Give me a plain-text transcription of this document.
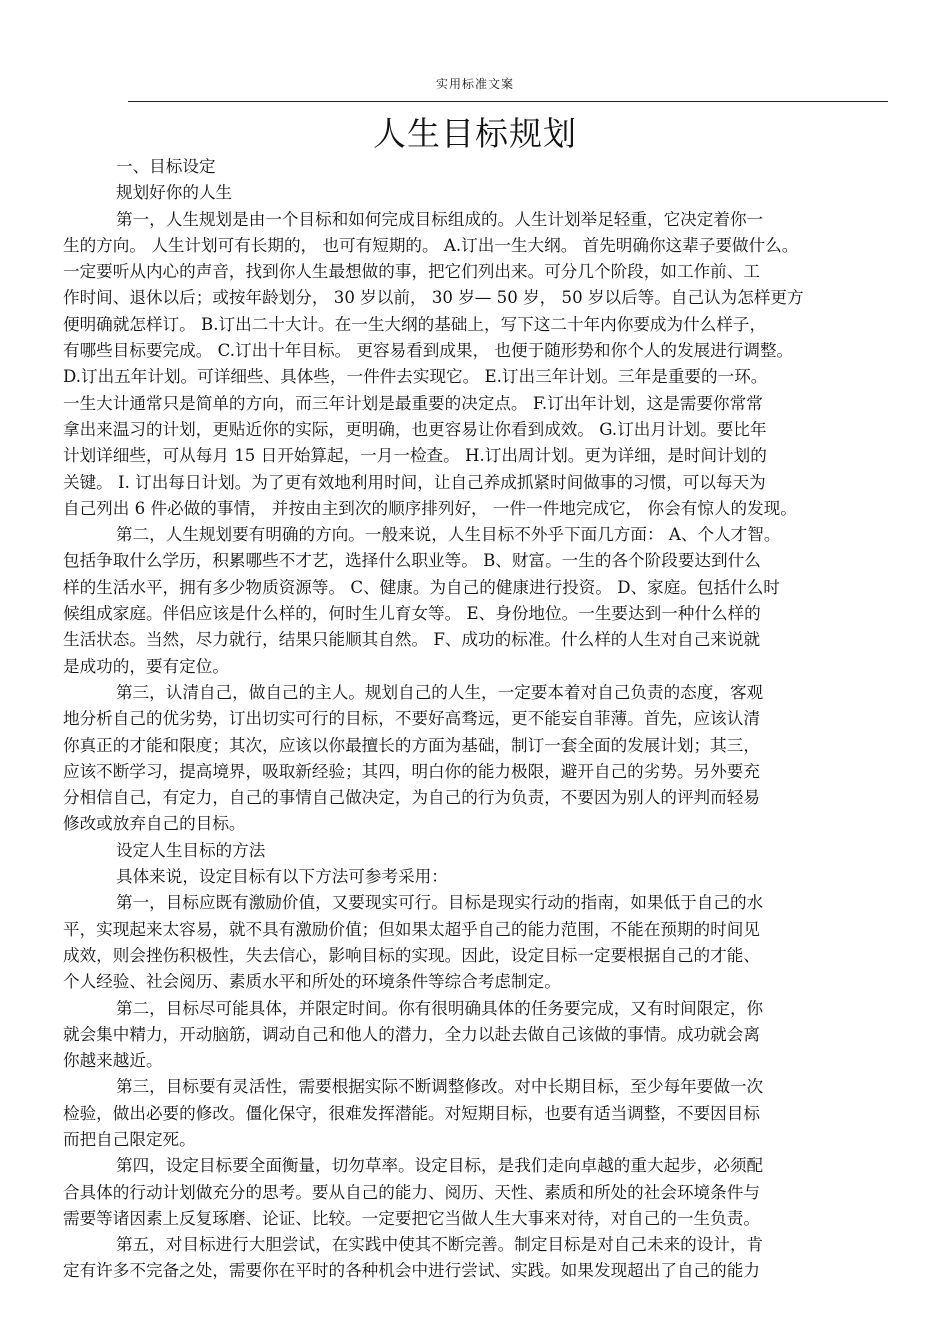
实用标准文案
人生目标规划
一、目标设定
规划好你的人生
第一，人生规划是由一个目标和如何完成目标组成的。人生计划举足轻重，它决定着你一
生的方向。 人生计划可有长期的， 也可有短期的。 A.订出一生大纲。 首先明确你这辈子要做什么。
一定要听从内心的声音，找到你人生最想做的事，把它们列出来。可分几个阶段，如工作前、工
作时间、退休以后；或按年龄划分， 30 岁以前， 30 岁— 50 岁， 50 岁以后等。自己认为怎样更方
便明确就怎样订。 B.订出二十大计。在一生大纲的基础上，写下这二十年内你要成为什么样子，
有哪些目标要完成。 C.订出十年目标。 更容易看到成果， 也便于随形势和你个人的发展进行调整。
D.订出五年计划。可详细些、具体些，一件件去实现它。 E.订出三年计划。三年是重要的一环。
一生大计通常只是简单的方向，而三年计划是最重要的决定点。 F.订出年计划，这是需要你常常
拿出来温习的计划，更贴近你的实际，更明确，也更容易让你看到成效。 G.订出月计划。要比年
计划详细些，可从每月 15 日开始算起，一月一检查。 H.订出周计划。更为详细，是时间计划的
关键。 I. 订出每日计划。为了更有效地利用时间，让自己养成抓紧时间做事的习惯，可以每天为
自己列出 6 件必做的事情， 并按由主到次的顺序排列好， 一件一件地完成它， 你会有惊人的发现。
第二，人生规划要有明确的方向。一般来说，人生目标不外乎下面几方面： A、个人才智。
包括争取什么学历，积累哪些不才艺，选择什么职业等。 B、财富。一生的各个阶段要达到什么
样的生活水平，拥有多少物质资源等。 C、健康。为自己的健康进行投资。 D、家庭。包括什么时
候组成家庭。伴侣应该是什么样的，何时生儿育女等。 E、身份地位。一生要达到一种什么样的
生活状态。当然，尽力就行，结果只能顺其自然。 F、成功的标准。什么样的人生对自己来说就
是成功的，要有定位。
第三，认清自己，做自己的主人。规划自己的人生，一定要本着对自己负责的态度，客观
地分析自己的优劣势，订出切实可行的目标，不要好高骛远，更不能妄自菲薄。首先，应该认清
你真正的才能和限度；其次，应该以你最擅长的方面为基础，制订一套全面的发展计划；其三，
应该不断学习，提高境界，吸取新经验；其四，明白你的能力极限，避开自己的劣势。另外要充
分相信自己，有定力，自己的事情自己做决定，为自己的行为负责，不要因为别人的评判而轻易
修改或放弃自己的目标。
设定人生目标的方法
具体来说，设定目标有以下方法可参考采用：
第一，目标应既有激励价值，又要现实可行。目标是现实行动的指南，如果低于自己的水
平，实现起来太容易，就不具有激励价值；但如果太超乎自己的能力范围，不能在预期的时间见
成效，则会挫伤积极性，失去信心，影响目标的实现。因此，设定目标一定要根据自己的才能、
个人经验、社会阅历、素质水平和所处的环境条件等综合考虑制定。
第二，目标尽可能具体，并限定时间。你有很明确具体的任务要完成，又有时间限定，你
就会集中精力，开动脑筋，调动自己和他人的潜力，全力以赴去做自己该做的事情。成功就会离
你越来越近。
第三，目标要有灵活性，需要根据实际不断调整修改。对中长期目标，至少每年要做一次
检验，做出必要的修改。僵化保守，很难发挥潜能。对短期目标，也要有适当调整，不要因目标
而把自己限定死。
第四，设定目标要全面衡量，切勿草率。设定目标，是我们走向卓越的重大起步，必须配
合具体的行动计划做充分的思考。要从自己的能力、阅历、天性、素质和所处的社会环境条件与
需要等诸因素上反复琢磨、论证、比较。一定要把它当做人生大事来对待，对自己的一生负责。
第五，对目标进行大胆尝试，在实践中使其不断完善。制定目标是对自己未来的设计，肯
定有许多不完备之处，需要你在平时的各种机会中进行尝试、实践。如果发现超出了自己的能力
